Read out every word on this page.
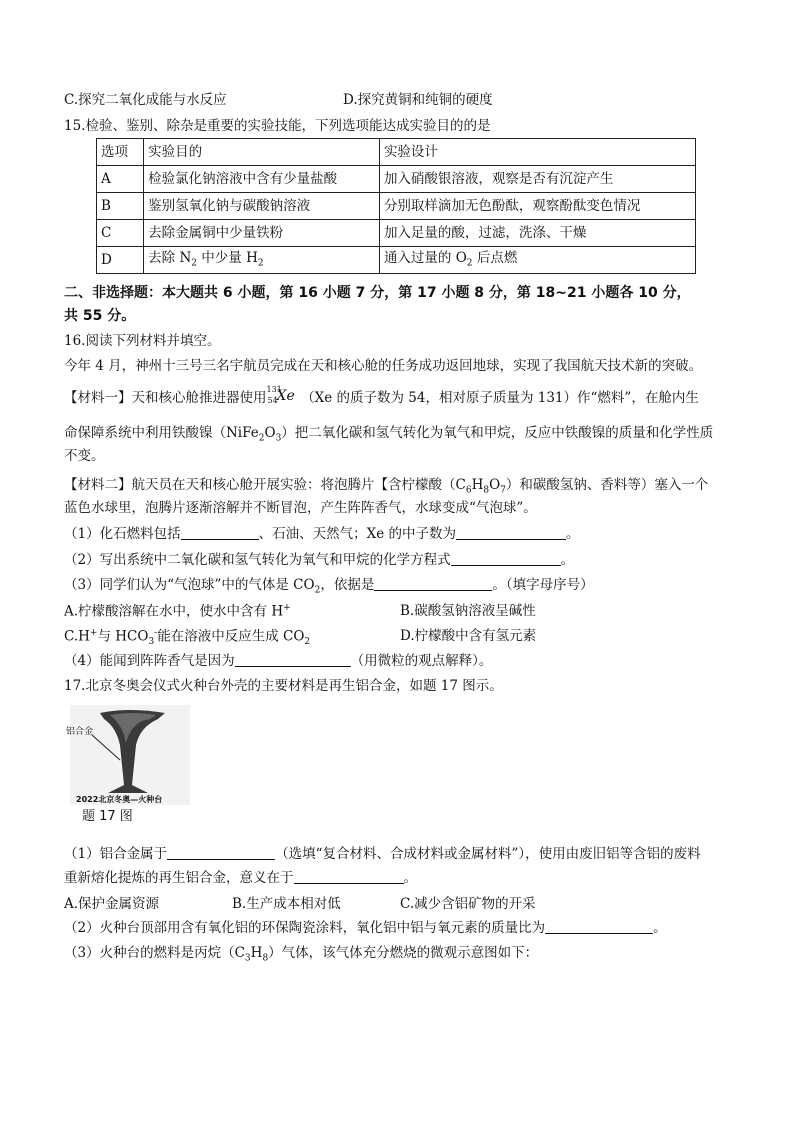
C.探究二氧化成能与水反应	D.探究黄铜和纯铜的硬度
15.检验、鉴别、除杂是重要的实验技能，下列选项能达成实验目的的是
选项	实验目的	实验设计
A	检验氯化钠溶液中含有少量盐酸	加入硝酸银溶液，观察是否有沉淀产生
B	鉴别氢氧化钠与碳酸钠溶液	分别取样滴加无色酚酞，观察酚酞变色情况
C	去除金属铜中少量铁粉	加入足量的酸，过滤，洗涤、干燥
D	去除 $N_2$ 中少量 $H_2$	通入过量的 $O_2$ 后点燃
二、非选择题：本大题共 6 小题，第 16 小题 7 分，第 17 小题 8 分，第 18~21 小题各 10 分，
共 55 分。
16.阅读下列材料并填空。
今年 4 月，神州十三号三名宇航员完成在天和核心舱的任务成功返回地球，实现了我国航天技术新的突破。
【材料一】天和核心舱推进器使用
131
54
Xe （Xe 的质子数为 54，相对原子质量为 131）作“燃料”，在舱内生
命保障系统中利用铁酸镍$(NiFe_2O_3)$把二氧化碳和氢气转化为氧气和甲烷，反应中铁酸镍的质量和化学性质
不变。
【材料二】航天员在天和核心舱开展实验：将泡腾片【含柠檬酸$(C_6H_8O_7)$和碳酸氢钠、香料等）塞入一个
蓝色水球里，泡腾片逐渐溶解并不断冒泡，产生阵阵香气，水球变成“气泡球”。
（1）化石燃料包括	、石油、天然气；Xe 的中子数为	。
（2）写出系统中二氧化碳和氢气转化为氧气和甲烷的化学方程式	。
（3）同学们认为“气泡球”中的气体是 $CO_2$，依据是	。（填字母序号）
A.柠檬酸溶解在水中，使水中含有 H+	B.碳酸氢钠溶液呈碱性
C.H+与 $HCO_3^-$能在溶液中反应生成 $CO_2$	D.柠檬酸中含有氢元素
（4）能闻到阵阵香气是因为	（用微粒的观点解释）。
17.北京冬奥会仪式火种台外壳的主要材料是再生铝合金，如题 17 图示。
铝合金
2022北京冬奥—火种台
题 17 图
（1）铝合金属于	（选填“复合材料、合成材料或金属材料”），使用由废旧铝等含铝的废料
重新熔化提炼的再生铝合金，意义在于	。
A.保护金属资源	B.生产成本相对低	C.减少含铝矿物的开采
（2）火种台顶部用含有氧化铝的环保陶瓷涂料，氧化铝中铝与氧元素的质量比为	。
（3）火种台的燃料是丙烷$(C_3H_8)$气体，该气体充分燃烧的微观示意图如下：
